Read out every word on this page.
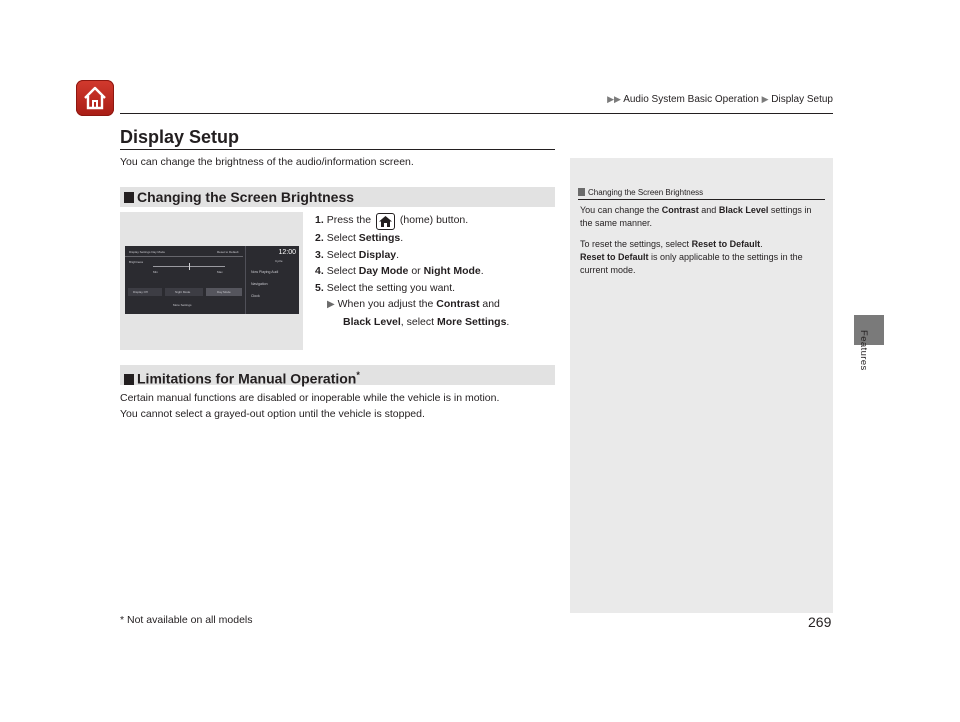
▶▶ Audio System Basic Operation ▶ Display Setup
Features
Display Setup
You can change the brightness of the audio/information screen.
Changing the Screen Brightness
Display Settings Day Mode	Reset to Default	12:00
Brightness
Min	Max
Display Off	Night Mode	Day Mode
More Settings
Cycle
Now Playing Audi
Navigation
Clock
1. Press the	(home) button.
2. Select Settings.
3. Select Display.
4. Select Day Mode or Night Mode.
5. Select the setting you want.
▶ When you adjust the Contrast and
Black Level, select More Settings.
Limitations for Manual Operation*
Certain manual functions are disabled or inoperable while the vehicle is in motion.
You cannot select a grayed-out option until the vehicle is stopped.
Changing the Screen Brightness

You can change the Contrast and Black Level settings in the same manner.

To reset the settings, select Reset to Default.
Reset to Default is only applicable to the settings in the current mode.

* Not available on all models	269
